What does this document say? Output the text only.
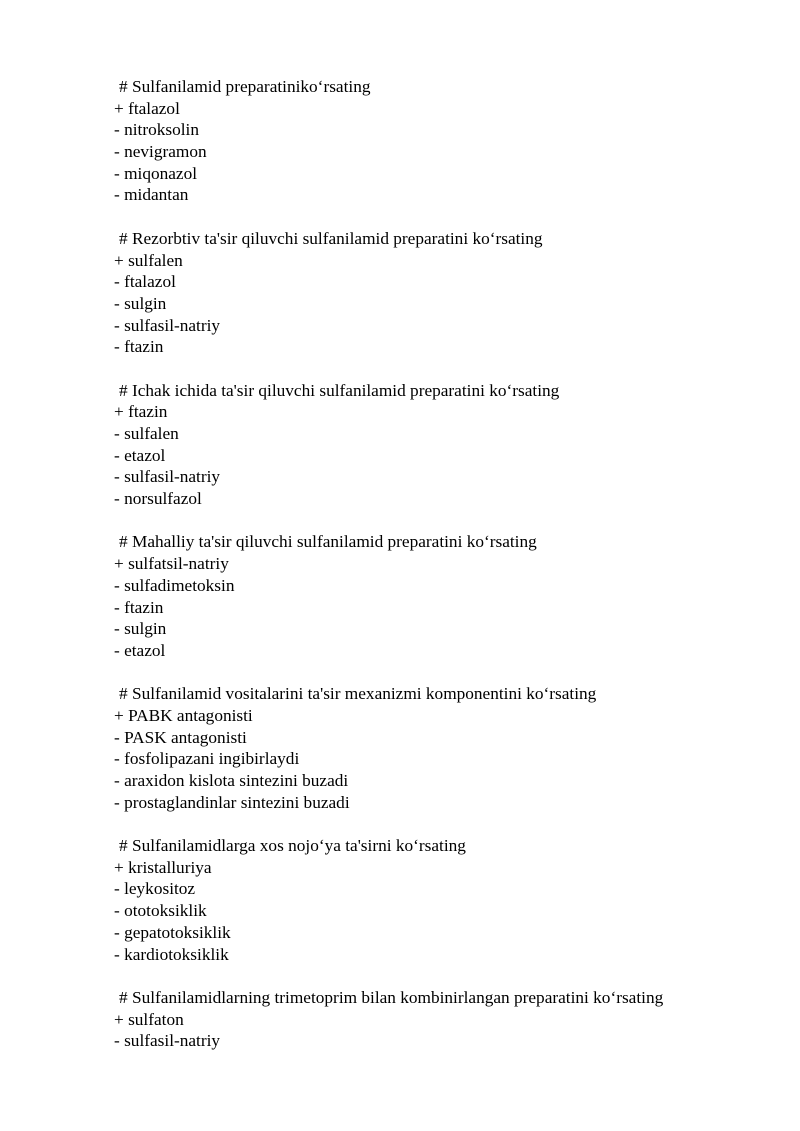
# Sulfanilamid preparatiniko‘rsating
+ ftalazol
- nitroksolin
- nevigramon
- miqonazol
- midantan
# Rezorbtiv ta'sir qiluvchi sulfanilamid preparatini ko‘rsating
+ sulfalen
- ftalazol
- sulgin
- sulfasil-natriy
- ftazin
# Ichak ichida ta'sir qiluvchi sulfanilamid preparatini ko‘rsating
+ ftazin
- sulfalen
- etazol
- sulfasil-natriy
- norsulfazol
# Mahalliy ta'sir qiluvchi sulfanilamid preparatini ko‘rsating
+ sulfatsil-natriy
- sulfadimetoksin
- ftazin
- sulgin
- etazol
# Sulfanilamid vositalarini ta'sir mexanizmi komponentini ko‘rsating
+ PABK antagonisti
- PASK antagonisti
- fosfolipazani ingibirlaydi
- araxidon kislota sintezini buzadi
- prostaglandinlar sintezini buzadi
# Sulfanilamidlarga xos nojo‘ya ta'sirni ko‘rsating
+ kristalluriya
- leykositoz
- ototoksiklik
- gepatotoksiklik
- kardiotoksiklik
# Sulfanilamidlarning trimetoprim bilan kombinirlangan preparatini ko‘rsating
+ sulfaton
- sulfasil-natriy
